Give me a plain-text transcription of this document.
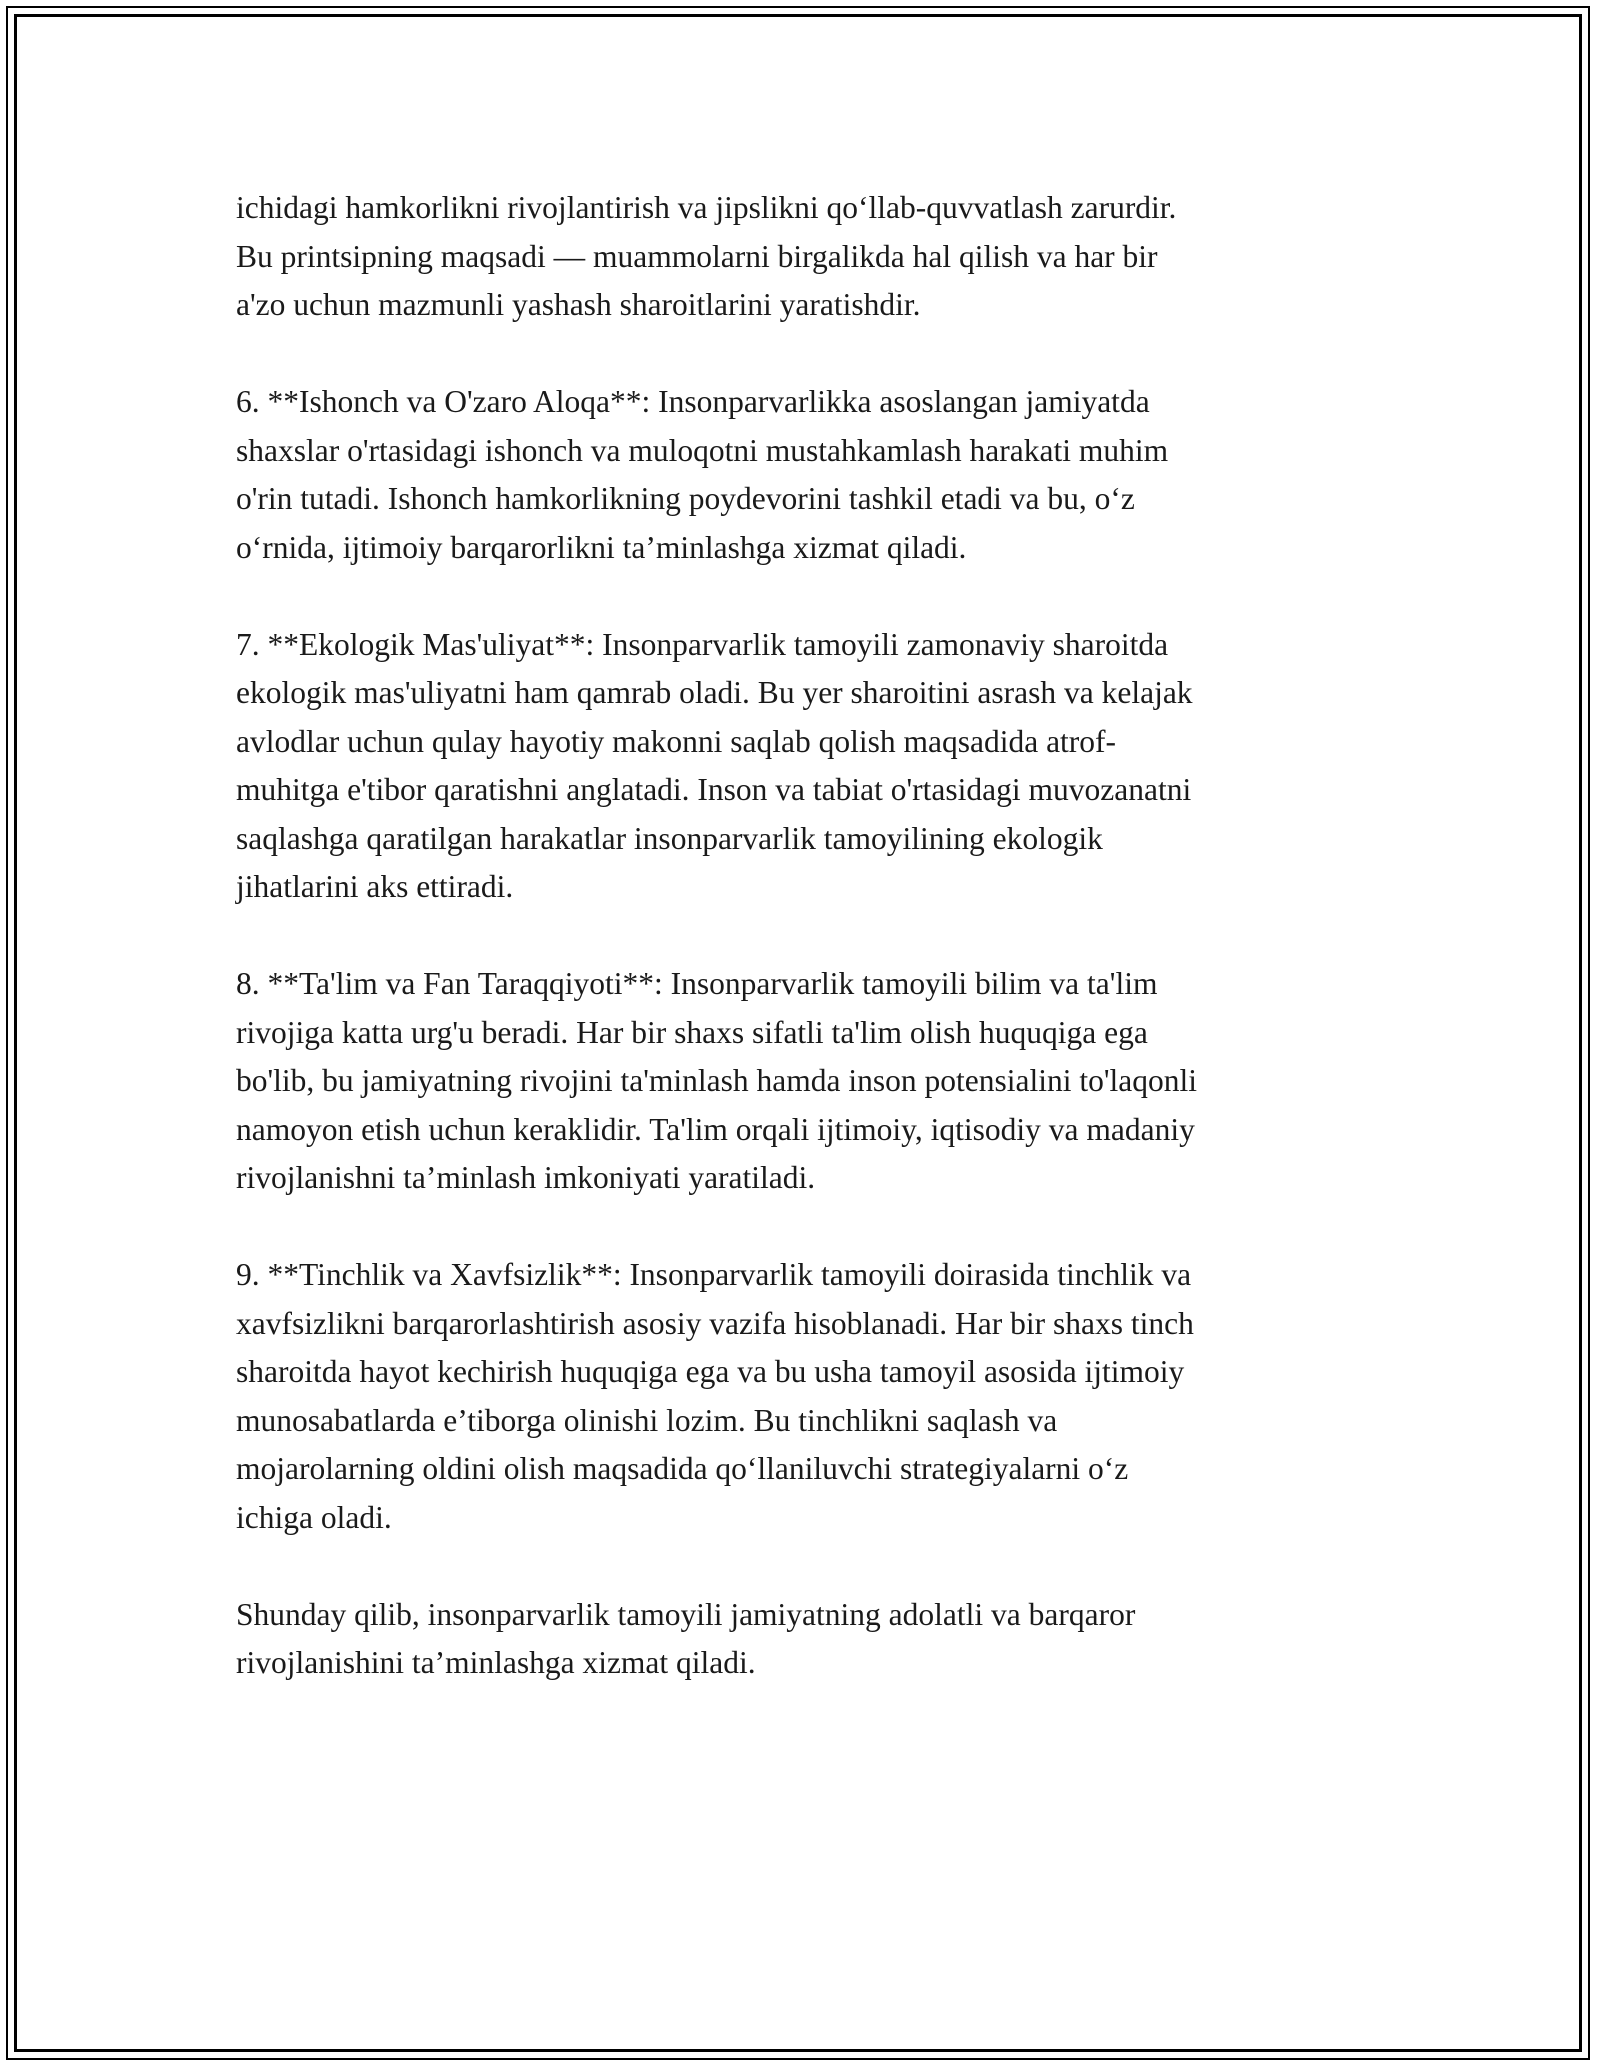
ichidagi hamkorlikni rivojlantirish va jipslikni qo‘llab-quvvatlash zarurdir.
Bu printsipning maqsadi — muammolarni birgalikda hal qilish va har bir
a'zo uchun mazmunli yashash sharoitlarini yaratishdir.

6. **Ishonch va O'zaro Aloqa**: Insonparvarlikka asoslangan jamiyatda
shaxslar o'rtasidagi ishonch va muloqotni mustahkamlash harakati muhim
o'rin tutadi. Ishonch hamkorlikning poydevorini tashkil etadi va bu, o‘z
o‘rnida, ijtimoiy barqarorlikni ta’minlashga xizmat qiladi.

7. **Ekologik Mas'uliyat**: Insonparvarlik tamoyili zamonaviy sharoitda
ekologik mas'uliyatni ham qamrab oladi. Bu yer sharoitini asrash va kelajak
avlodlar uchun qulay hayotiy makonni saqlab qolish maqsadida atrof-
muhitga e'tibor qaratishni anglatadi. Inson va tabiat o'rtasidagi muvozanatni
saqlashga qaratilgan harakatlar insonparvarlik tamoyilining ekologik
jihatlarini aks ettiradi.

8. **Ta'lim va Fan Taraqqiyoti**: Insonparvarlik tamoyili bilim va ta'lim
rivojiga katta urg'u beradi. Har bir shaxs sifatli ta'lim olish huquqiga ega
bo'lib, bu jamiyatning rivojini ta'minlash hamda inson potensialini to'laqonli
namoyon etish uchun keraklidir. Ta'lim orqali ijtimoiy, iqtisodiy va madaniy
rivojlanishni ta’minlash imkoniyati yaratiladi.

9. **Tinchlik va Xavfsizlik**: Insonparvarlik tamoyili doirasida tinchlik va
xavfsizlikni barqarorlashtirish asosiy vazifa hisoblanadi. Har bir shaxs tinch
sharoitda hayot kechirish huquqiga ega va bu usha tamoyil asosida ijtimoiy
munosabatlarda e’tiborga olinishi lozim. Bu tinchlikni saqlash va
mojarolarning oldini olish maqsadida qo‘llaniluvchi strategiyalarni o‘z
ichiga oladi.

Shunday qilib, insonparvarlik tamoyili jamiyatning adolatli va barqaror
rivojlanishini ta’minlashga xizmat qiladi.
